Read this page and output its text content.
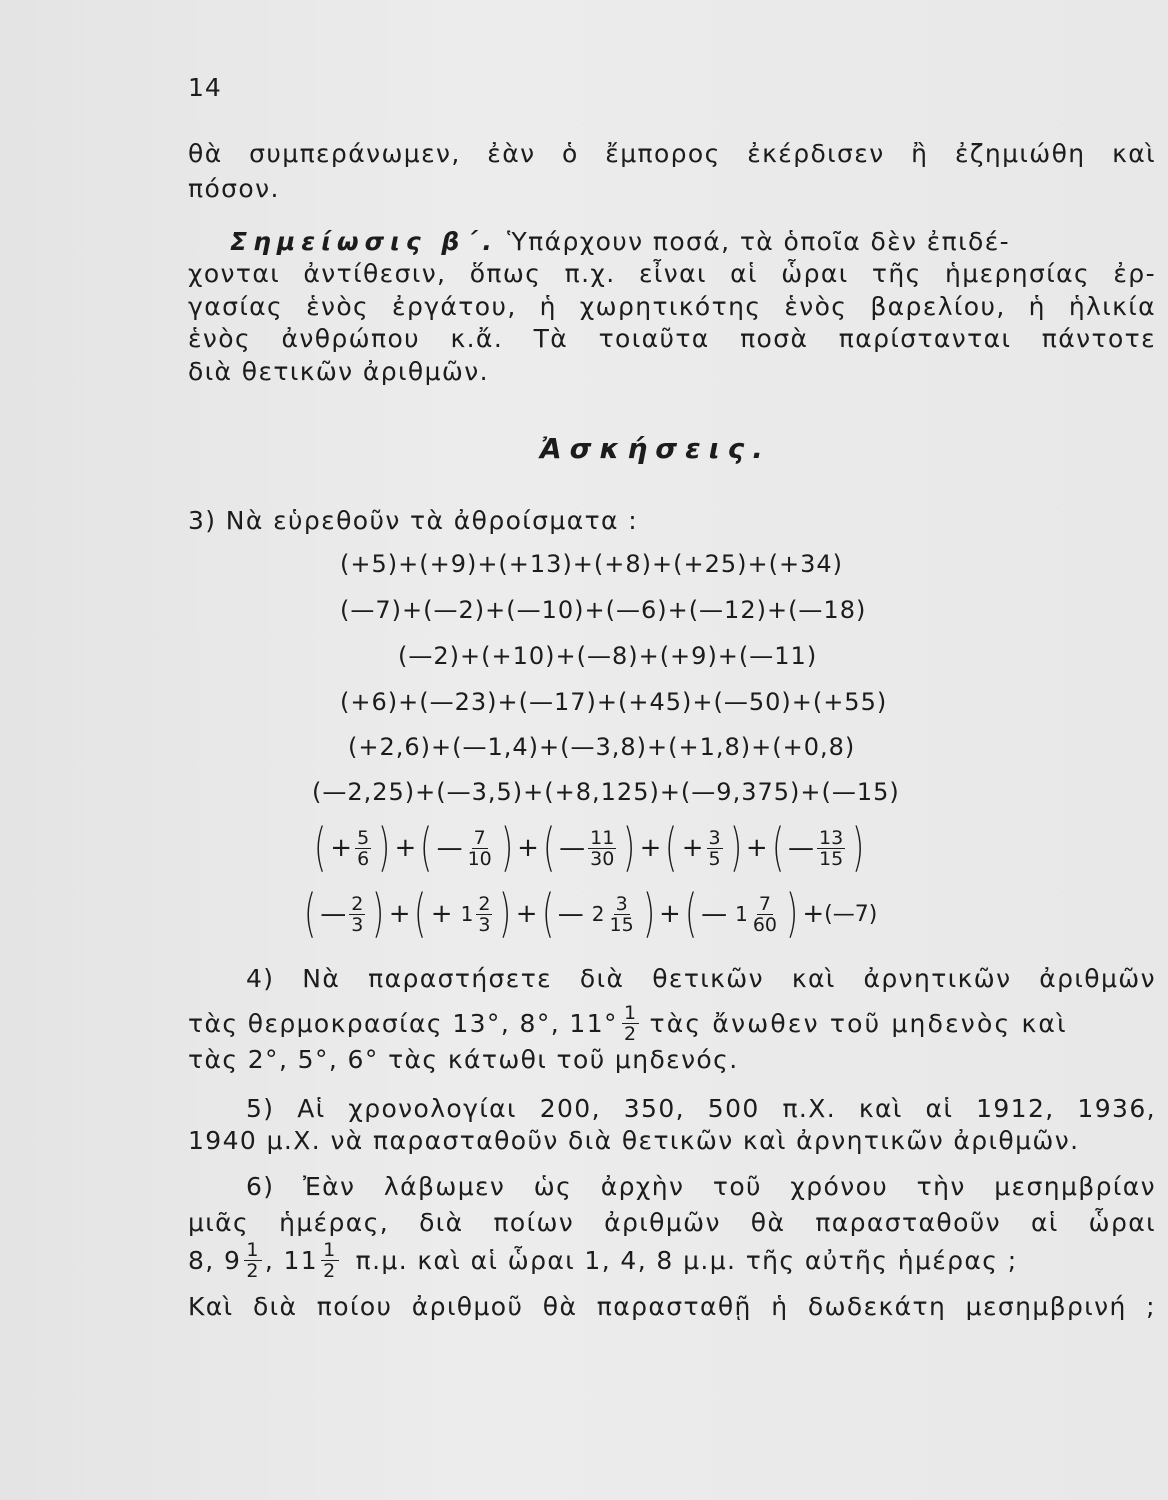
14
θὰ συμπεράνωμεν, ἐὰν ὁ ἔμπορος ἐκέρδισεν ἢ ἐζημιώθη καὶ
πόσον.
Σημείωσις β΄. Ὑπάρχουν ποσά, τὰ ὁποῖα δὲν ἐπιδέ-
χονται ἀντίθεσιν, ὅπως π.χ. εἶναι αἱ ὧραι τῆς ἡμερησίας ἐρ-
γασίας ἑνὸς ἐργάτου, ἡ χωρητικότης ἑνὸς βαρελίου, ἡ ἡλικία
ἑνὸς ἀνθρώπου κ.ἄ. Τὰ τοιαῦτα ποσὰ παρίστανται πάντοτε
διὰ θετικῶν ἀριθμῶν.
Ἀσκήσεις.
3) Νὰ εὑρεθοῦν τὰ ἀθροίσματα :
(+5)+(+9)+(+13)+(+8)+(+25)+(+34)
(—7)+(—2)+(—10)+(—6)+(—12)+(—18)
(—2)+(+10)+(—8)+(+9)+(—11)
(+6)+(—23)+(—17)+(+45)+(—50)+(+55)
(+2,6)+(—1,4)+(—3,8)+(+1,8)+(+0,8)
(—2,25)+(—3,5)+(+8,125)+(—9,375)+(—15)
( + $\frac{5}{6}$ ) + ( — $\frac{7}{10}$ ) + ( — $\frac{11}{30}$ ) + ( + $\frac{3}{5}$ ) + ( — $\frac{13}{15}$ )
( — $\frac{2}{3}$ ) + ( + $1 \frac{2}{3}$ ) + ( — $2 \frac{3}{15}$ ) + ( — $1 \frac{7}{60}$ ) + (—7)
4) Νὰ παραστήσετε διὰ θετικῶν καὶ ἀρνητικῶν ἀριθμῶν
τὰς θερμοκρασίας 13°, 8°, $11^\circ \frac{1}{2}$ τὰς ἄνωθεν τοῦ μηδενὸς καὶ
τὰς 2°, 5°, 6° τὰς κάτωθι τοῦ μηδενός.
5) Αἱ χρονολογίαι 200, 350, 500 π.Χ. καὶ αἱ 1912, 1936,
1940 μ.Χ. νὰ παρασταθοῦν διὰ θετικῶν καὶ ἀρνητικῶν ἀριθμῶν.
6) Ἐὰν λάβωμεν ὡς ἀρχὴν τοῦ χρόνου τὴν μεσημβρίαν
μιᾶς ἡμέρας, διὰ ποίων ἀριθμῶν θὰ παρασταθοῦν αἱ ὧραι
8, $9 \frac{1}{2}$ , $11 \frac{1}{2} \pi.\mu$. καὶ αἱ ὧραι 1, 4, 8 μ.μ. τῆς αὐτῆς ἡμέρας ;
Καὶ διὰ ποίου ἀριθμοῦ θὰ παρασταθῇ ἡ δωδεκάτη μεσημβρινή ;
